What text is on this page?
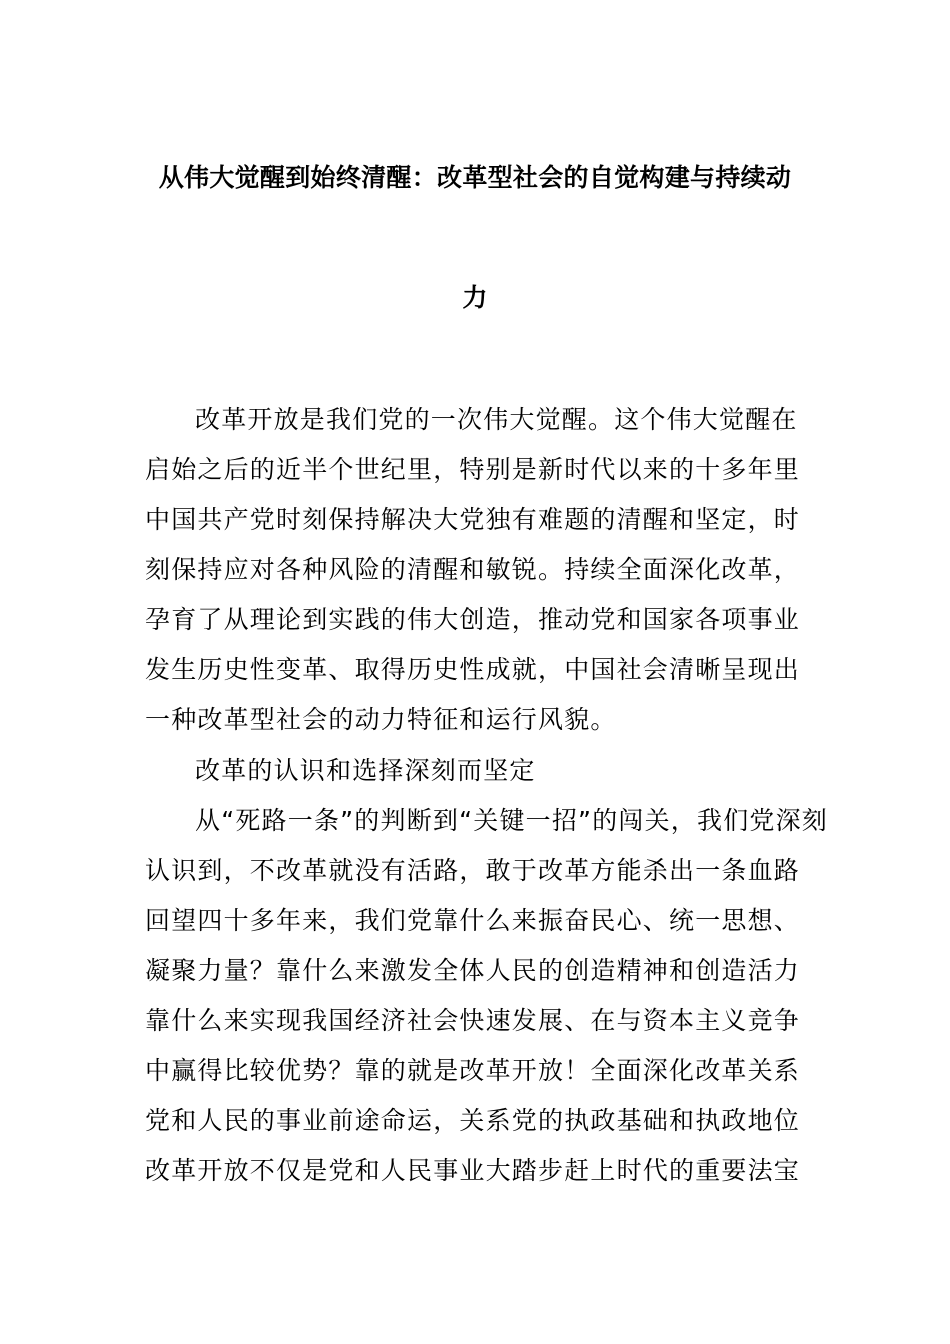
从伟大觉醒到始终清醒：改革型社会的自觉构建与持续动
力
改革开放是我们党的一次伟大觉醒。这个伟大觉醒在
启始之后的近半个世纪里，特别是新时代以来的十多年里
中国共产党时刻保持解决大党独有难题的清醒和坚定，时
刻保持应对各种风险的清醒和敏锐。持续全面深化改革，
孕育了从理论到实践的伟大创造，推动党和国家各项事业
发生历史性变革、取得历史性成就，中国社会清晰呈现出
一种改革型社会的动力特征和运行风貌。
改革的认识和选择深刻而坚定
从“死路一条”的判断到“关键一招”的闯关，我们党深刻
认识到，不改革就没有活路，敢于改革方能杀出一条血路
回望四十多年来，我们党靠什么来振奋民心、统一思想、
凝聚力量？靠什么来激发全体人民的创造精神和创造活力
靠什么来实现我国经济社会快速发展、在与资本主义竞争
中赢得比较优势？靠的就是改革开放！全面深化改革关系
党和人民的事业前途命运，关系党的执政基础和执政地位
改革开放不仅是党和人民事业大踏步赶上时代的重要法宝
